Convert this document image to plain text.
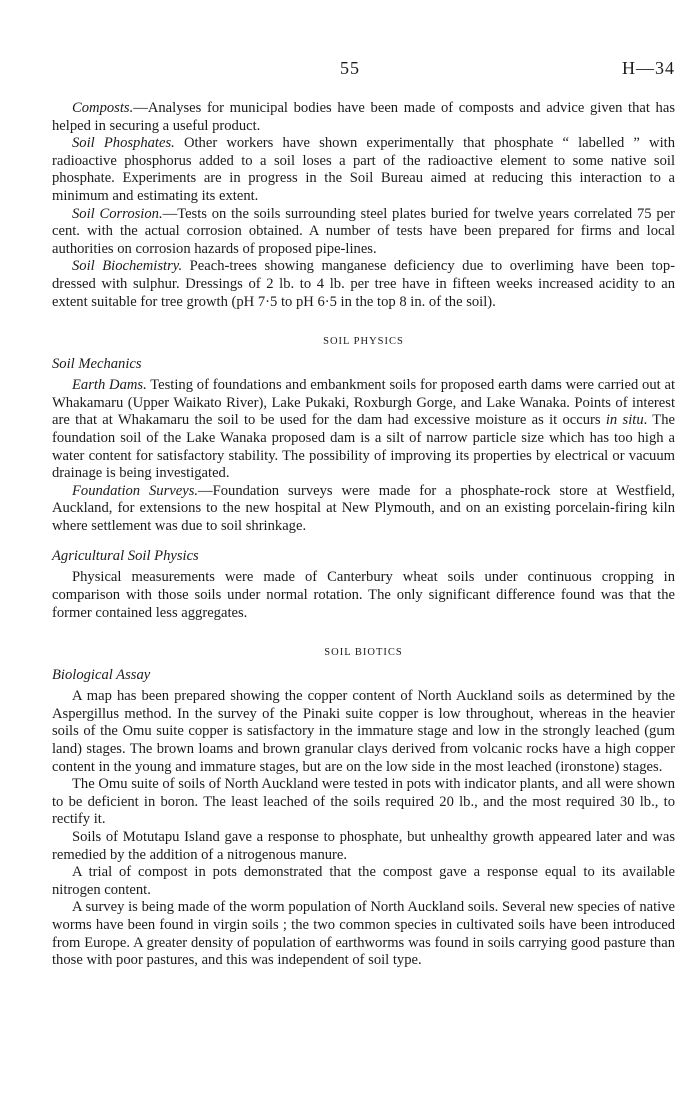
55	H—34

Composts.—Analyses for municipal bodies have been made of composts and advice given that has helped in securing a useful product.

Soil Phosphates. Other workers have shown experimentally that phosphate “ labelled ” with radioactive phosphorus added to a soil loses a part of the radioactive element to some native soil phosphate. Experiments are in progress in the Soil Bureau aimed at reducing this interaction to a minimum and estimating its extent.

Soil Corrosion.—Tests on the soils surrounding steel plates buried for twelve years correlated 75 per cent. with the actual corrosion obtained. A number of tests have been prepared for firms and local authorities on corrosion hazards of proposed pipe-lines.

Soil Biochemistry. Peach-trees showing manganese deficiency due to overliming have been top-dressed with sulphur. Dressings of 2 lb. to 4 lb. per tree have in fifteen weeks increased acidity to an extent suitable for tree growth (pH 7·5 to pH 6·5 in the top 8 in. of the soil).

SOIL PHYSICS
Soil Mechanics

Earth Dams. Testing of foundations and embankment soils for proposed earth dams were carried out at Whakamaru (Upper Waikato River), Lake Pukaki, Roxburgh Gorge, and Lake Wanaka. Points of interest are that at Whakamaru the soil to be used for the dam had excessive moisture as it occurs in situ. The foundation soil of the Lake Wanaka proposed dam is a silt of narrow particle size which has too high a water content for satisfactory stability. The possibility of improving its properties by electrical or vacuum drainage is being investigated.

Foundation Surveys.—Foundation surveys were made for a phosphate-rock store at Westfield, Auckland, for extensions to the new hospital at New Plymouth, and on an existing porcelain-firing kiln where settlement was due to soil shrinkage.

Agricultural Soil Physics

Physical measurements were made of Canterbury wheat soils under continuous cropping in comparison with those soils under normal rotation. The only significant difference found was that the former contained less aggregates.

SOIL BIOTICS
Biological Assay

A map has been prepared showing the copper content of North Auckland soils as determined by the Aspergillus method. In the survey of the Pinaki suite copper is low throughout, whereas in the heavier soils of the Omu suite copper is satisfactory in the immature stage and low in the strongly leached (gum land) stages. The brown loams and brown granular clays derived from volcanic rocks have a high copper content in the young and immature stages, but are on the low side in the most leached (ironstone) stages.

The Omu suite of soils of North Auckland were tested in pots with indicator plants, and all were shown to be deficient in boron. The least leached of the soils required 20 lb., and the most required 30 lb., to rectify it.

Soils of Motutapu Island gave a response to phosphate, but unhealthy growth appeared later and was remedied by the addition of a nitrogenous manure.

A trial of compost in pots demonstrated that the compost gave a response equal to its available nitrogen content.

A survey is being made of the worm population of North Auckland soils. Several new species of native worms have been found in virgin soils ; the two common species in cultivated soils have been introduced from Europe. A greater density of population of earthworms was found in soils carrying good pasture than those with poor pastures, and this was independent of soil type.
